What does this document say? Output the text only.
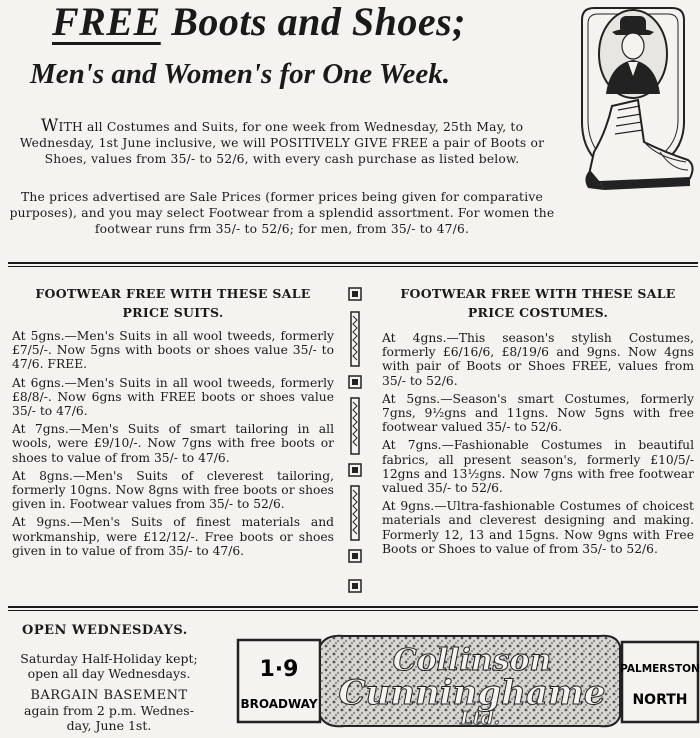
FREE Boots and Shoes;
Men's and Women's for One Week.

WITH all Costumes and Suits, for one week from Wednesday, 25th May, to Wednesday, 1st June inclusive, we will POSITIVELY GIVE FREE a pair of Boots or Shoes, values from 35/- to 52/6, with every cash purchase as listed below.

The prices advertised are Sale Prices (former prices being given for comparative purposes), and you may select Footwear from a splendid assortment. For women the footwear runs frm 35/- to 52/6; for men, from 35/- to 47/6.
FOOTWEAR FREE WITH THESE SALE
PRICE SUITS.

At 5gns.—Men's Suits in all wool tweeds, formerly £7/5/-. Now 5gns with boots or shoes value 35/- to 47/6. FREE.

At 6gns.—Men's Suits in all wool tweeds, formerly £8/8/-. Now 6gns with FREE boots or shoes value 35/- to 47/6.

At 7gns.—Men's Suits of smart tailoring in all wools, were £9/10/-. Now 7gns with free boots or shoes to value of from 35/- to 47/6.

At 8gns.—Men's Suits of cleverest tailoring, formerly 10gns. Now 8gns with free boots or shoes given in. Footwear values from 35/- to 52/6.

At 9gns.—Men's Suits of finest materials and workmanship, were £12/12/-. Free boots or shoes given in to value of from 35/- to 47/6.

FOOTWEAR FREE WITH THESE SALE
PRICE COSTUMES.

At 4gns.—This season's stylish Costumes, formerly £6/16/6, £8/19/6 and 9gns. Now 4gns with pair of Boots or Shoes FREE, values from 35/- to 52/6.

At 5gns.—Season's smart Costumes, formerly 7gns, 9½gns and 11gns. Now 5gns with free footwear valued 35/- to 52/6.

At 7gns.—Fashionable Costumes in beautiful fabrics, all present season's, formerly £10/5/- 12gns and 13½gns. Now 7gns with free footwear valued 35/- to 52/6.

At 9gns.—Ultra-fashionable Costumes of choicest materials and cleverest designing and making. Formerly 12, 13 and 15gns. Now 9gns with Free Boots or Shoes to value of from 35/- to 52/6.

OPEN WEDNESDAYS.
Saturday Half-Holiday kept;
open all day Wednesdays.
BARGAIN BASEMENT
again from 2 p.m. Wednes-
day, June 1st.
1·9
BROADWAY
Collinson
Cunninghame
Ltd.
PALMERSTON
NORTH
